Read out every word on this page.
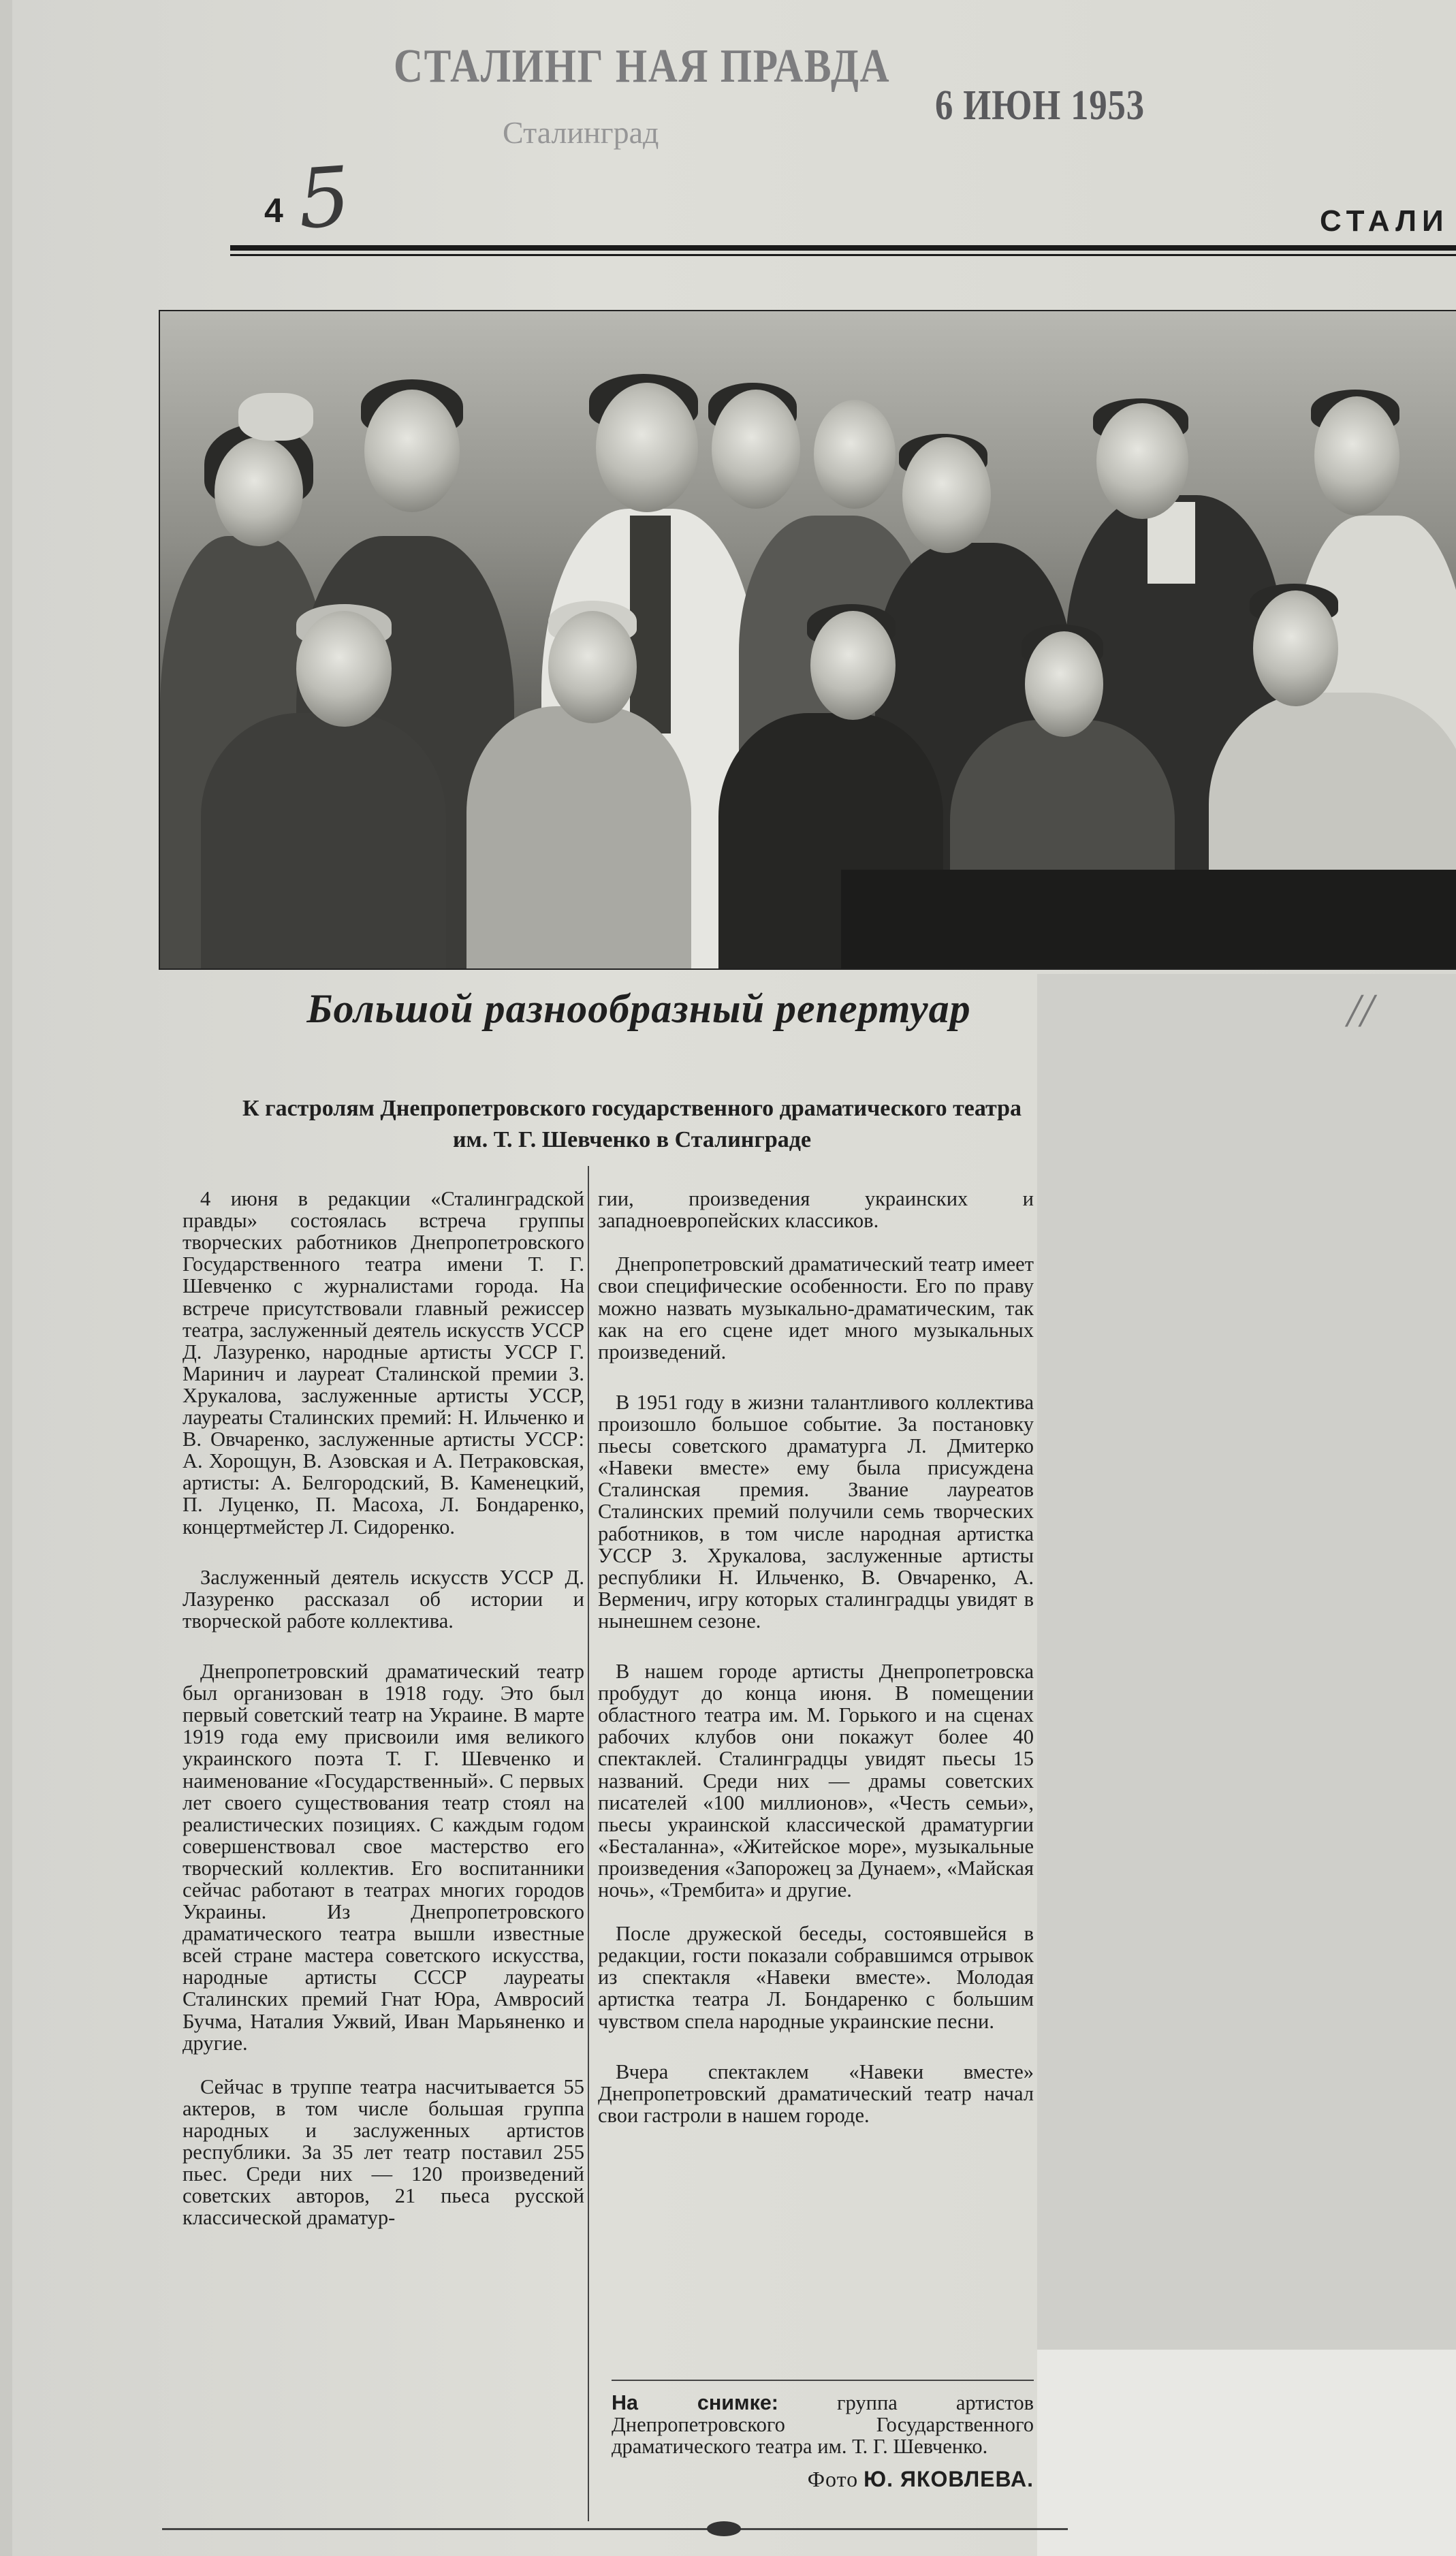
СТАЛИНГ НАЯ ПРАВДА
Сталинград
6 ИЮН 1953
4 5	СТАЛИ
//
Большой разнообразный репертуар
К гастролям Днепропетровского государственного драматического театра им. Т. Г. Шевченко в Сталинграде

4 июня в редакции «Сталинградской правды» состоялась встреча группы творческих работников Днепропетровского Государственного театра имени Т. Г. Шевченко с журналистами города. На встрече присутствовали главный режиссер театра, заслуженный деятель искусств УССР Д. Лазуренко, народные артисты УССР Г. Маринич и лауреат Сталинской премии З. Хрукалова, заслуженные артисты УССР, лауреаты Сталинских премий: Н. Ильченко и В. Овчаренко, заслуженные артисты УССР: А. Хорощун, В. Азовская и А. Петраковская, артисты: А. Белгородский, В. Каменецкий, П. Луценко, П. Масоха, Л. Бондаренко, концертмейстер Л. Сидоренко.

Заслуженный деятель искусств УССР Д. Лазуренко рассказал об истории и творческой работе коллектива.

Днепропетровский драматический театр был организован в 1918 году. Это был первый советский театр на Украине. В марте 1919 года ему присвоили имя великого украинского поэта Т. Г. Шевченко и наименование «Государственный». С первых лет своего существования театр стоял на реалистических позициях. С каждым годом совершенствовал свое мастерство его творческий коллектив. Его воспитанники сейчас работают в театрах многих городов Украины. Из Днепропетровского драматического театра вышли известные всей стране мастера советского искусства, народные артисты СССР лауреаты Сталинских премий Гнат Юра, Амвросий Бучма, Наталия Ужвий, Иван Марьяненко и другие.

Сейчас в труппе театра насчитывается 55 актеров, в том числе большая группа народных и заслуженных артистов республики. За 35 лет театр поставил 255 пьес. Среди них — 120 произведений советских авторов, 21 пьеса русской классической драматур-

гии, произведения украинских и западноевропейских классиков.

Днепропетровский драматический театр имеет свои специфические особенности. Его по праву можно назвать музыкально-драматическим, так как на его сцене идет много музыкальных произведений.

В 1951 году в жизни талантливого коллектива произошло большое событие. За постановку пьесы советского драматурга Л. Дмитерко «Навеки вместе» ему была присуждена Сталинская премия. Звание лауреатов Сталинских премий получили семь творческих работников, в том числе народная артистка УССР З. Хрукалова, заслуженные артисты республики Н. Ильченко, В. Овчаренко, А. Верменич, игру которых сталинградцы увидят в нынешнем сезоне.

В нашем городе артисты Днепропетровска пробудут до конца июня. В помещении областного театра им. М. Горького и на сценах рабочих клубов они покажут более 40 спектаклей. Сталинградцы увидят пьесы 15 названий. Среди них — драмы советских писателей «100 миллионов», «Честь семьи», пьесы украинской классической драматургии «Бесталанна», «Житейское море», музыкальные произведения «Запорожец за Дунаем», «Майская ночь», «Трембита» и другие.

После дружеской беседы, состоявшейся в редакции, гости показали собравшимся отрывок из спектакля «Навеки вместе». Молодая артистка театра Л. Бондаренко с большим чувством спела народные украинские песни.

Вчера спектаклем «Навеки вместе» Днепропетровский драматический театр начал свои гастроли в нашем городе.

На снимке:	группа артистов Днепропетровского Государственного драматического театра им. Т. Г. Шевченко.
Фото Ю. ЯКОВЛЕВА.
